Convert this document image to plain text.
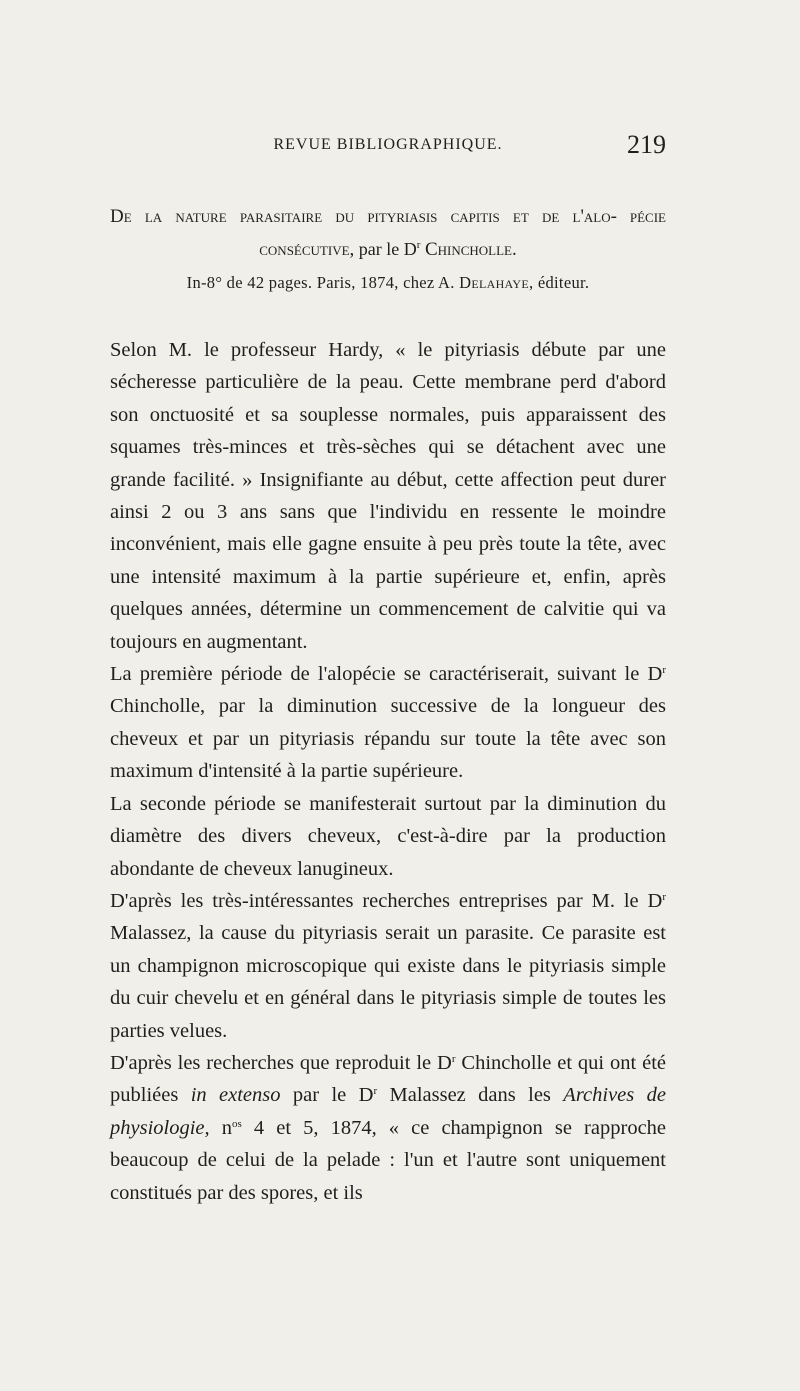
REVUE BIBLIOGRAPHIQUE.	219
De la nature parasitaire du pityriasis capitis et de l'alo- pécie consécutive, par le $D^r$ Chincholle.
In-8° de 42 pages. Paris, 1874, chez A. Delahaye, éditeur.

Selon M. le professeur Hardy, « le pityriasis débute par une sécheresse particulière de la peau. Cette membrane perd d'abord son onctuosité et sa souplesse normales, puis apparaissent des squames très-minces et très-sèches qui se détachent avec une grande facilité. » Insignifiante au début, cette affection peut durer ainsi 2 ou 3 ans sans que l'individu en ressente le moindre inconvénient, mais elle gagne ensuite à peu près toute la tête, avec une intensité maximum à la partie supérieure et, enfin, après quelques années, détermine un commencement de calvitie qui va toujours en augmentant.

La première période de l'alopécie se caractériserait, suivant le $D^r$ Chincholle, par la diminution successive de la longueur des cheveux et par un pityriasis répandu sur toute la tête avec son maximum d'intensité à la partie supérieure.

La seconde période se manifesterait surtout par la diminution du diamètre des divers cheveux, c'est-à-dire par la production abondante de cheveux lanugineux.

D'après les très-intéressantes recherches entreprises par M. le $D^r$ Malassez, la cause du pityriasis serait un parasite. Ce parasite est un champignon microscopique qui existe dans le pityriasis simple du cuir chevelu et en général dans le pityriasis simple de toutes les parties velues.

D'après les recherches que reproduit le $D^r$ Chincholle et qui ont été publiées in extenso par le $D^r$ Malassez dans les Archives de physiologie, $n^{os}$ 4 et 5, 1874, « ce champignon se rapproche beaucoup de celui de la pelade : l'un et l'autre sont uniquement constitués par des spores, et ils
